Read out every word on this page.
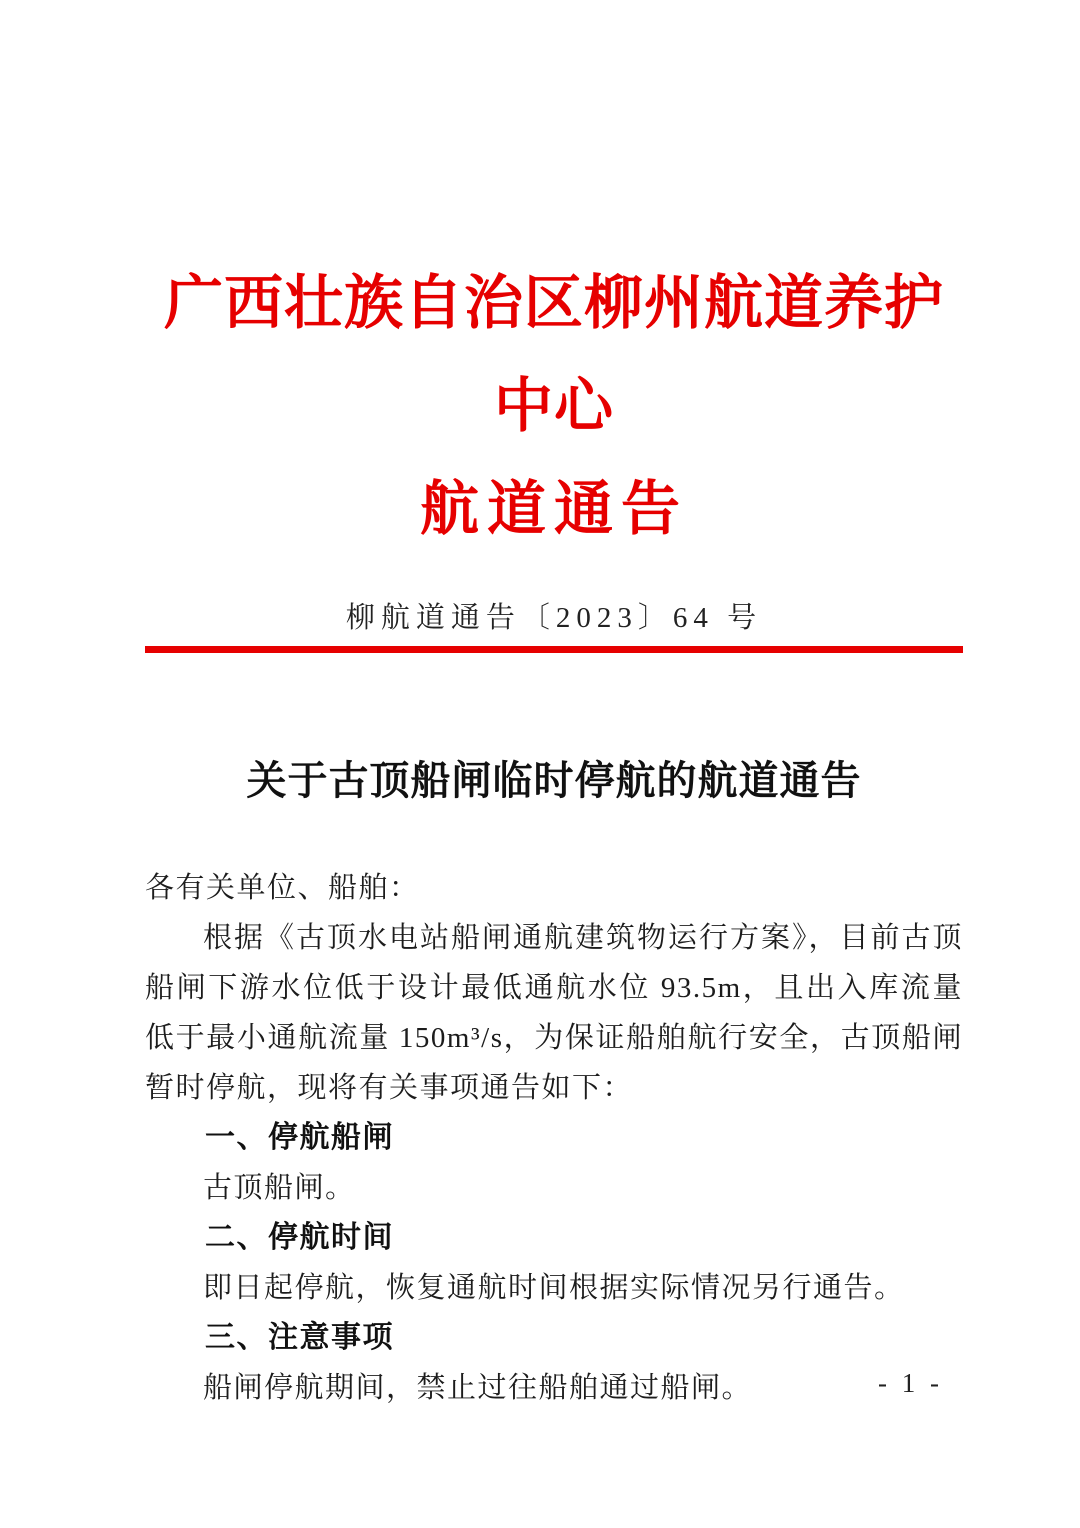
广西壮族自治区柳州航道养护中心
航道通告
柳航道通告〔2023〕64 号
关于古顶船闸临时停航的航道通告

各有关单位、船舶：

根据《古顶水电站船闸通航建筑物运行方案》，目前古顶船闸下游水位低于设计最低通航水位 93.5m，且出入库流量低于最小通航流量 150m³/s，为保证船舶航行安全，古顶船闸暂时停航，现将有关事项通告如下：

一、停航船闸

古顶船闸。

二、停航时间

即日起停航，恢复通航时间根据实际情况另行通告。

三、注意事项

船闸停航期间，禁止过往船舶通过船闸。	- 1 -
